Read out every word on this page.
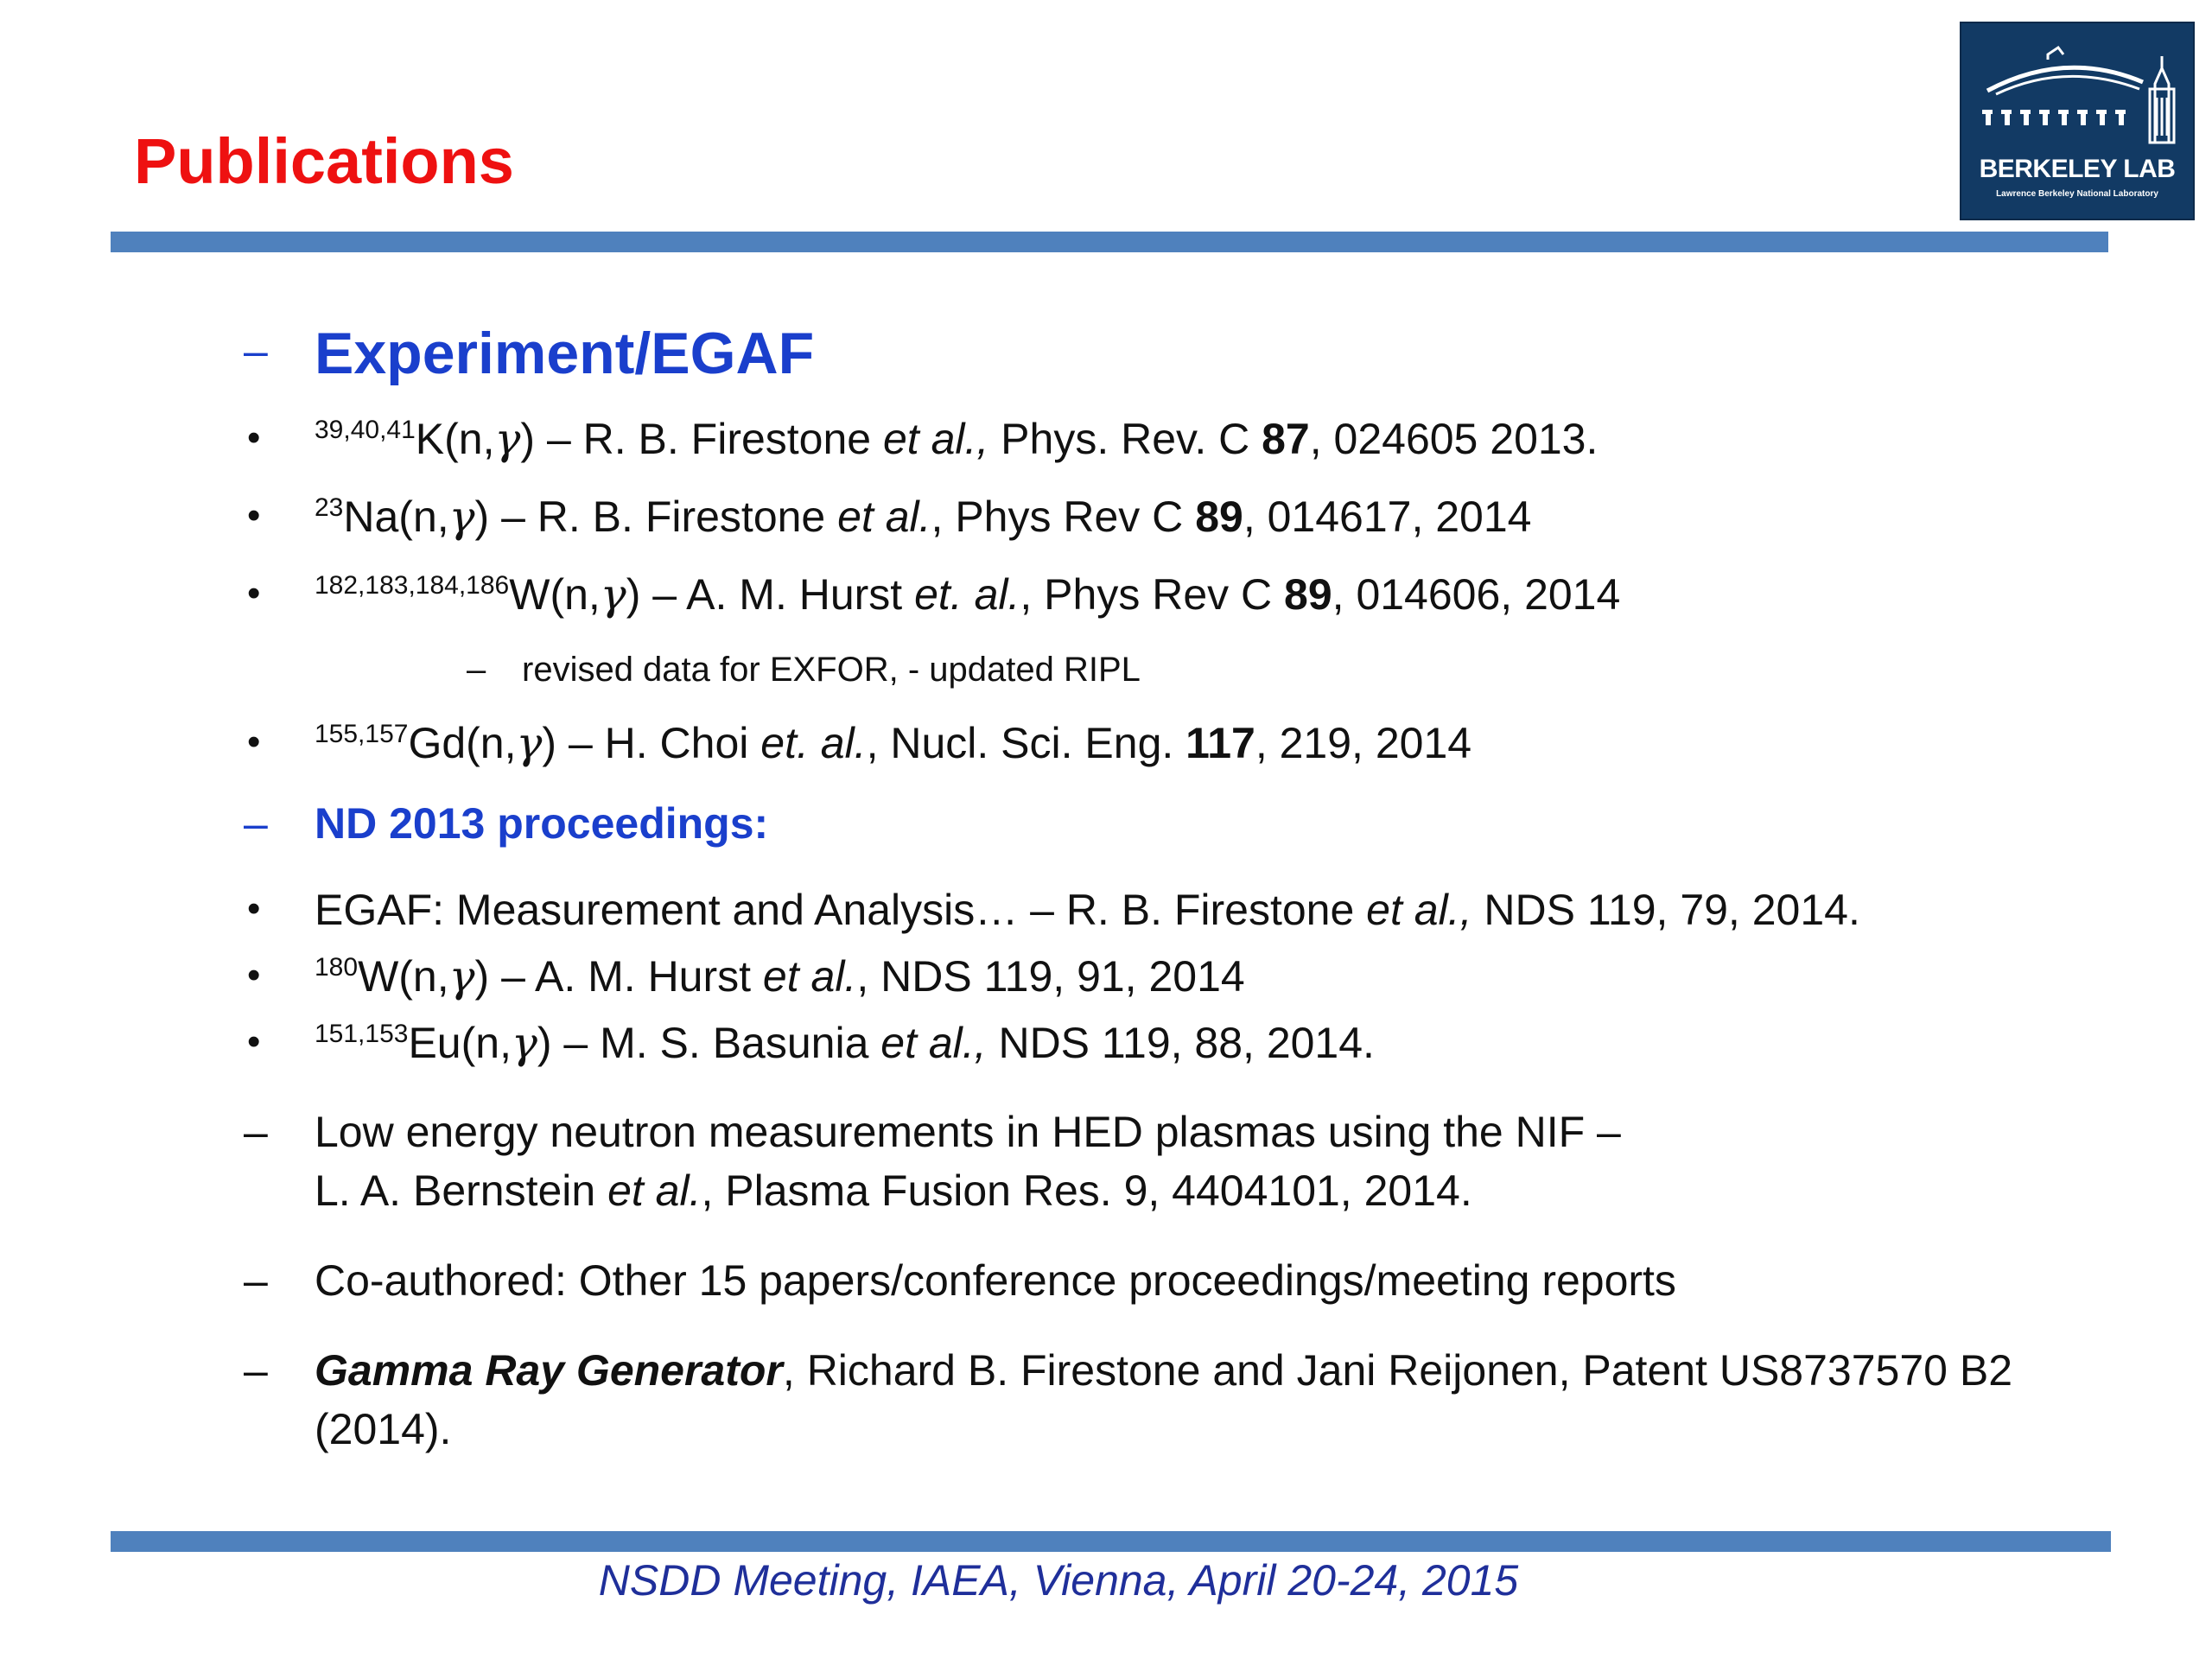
Publications	BERKELEY LAB
Lawrence Berkeley National Laboratory
– Experiment/EGAF
• $^{39,40,41}$K(n,γ) – R. B. Firestone et al., Phys. Rev. C 87, 024605 2013.
• $^{23}$Na(n,γ) – R. B. Firestone et al., Phys Rev C 89, 014617, 2014
• $^{182,183,184,186}$W(n,γ) – A. M. Hurst et. al., Phys Rev C 89, 014606, 2014
– revised data for EXFOR, - updated RIPL
• $^{155,157}$Gd(n,γ) – H. Choi et. al., Nucl. Sci. Eng. 117, 219, 2014
– ND 2013 proceedings:
• EGAF: Measurement and Analysis… – R. B. Firestone et al., NDS 119, 79, 2014.
• $^{180}$W(n,γ) – A. M. Hurst et al., NDS 119, 91, 2014
• $^{151,153}$Eu(n,γ) – M. S. Basunia et al., NDS 119, 88, 2014.
– Low energy neutron measurements in HED plasmas using the NIF –
L. A. Bernstein et al., Plasma Fusion Res. 9, 4404101, 2014.
– Co-authored: Other 15 papers/conference proceedings/meeting reports
– Gamma Ray Generator, Richard B. Firestone and Jani Reijonen, Patent US8737570 B2
(2014).
NSDD Meeting, IAEA, Vienna, April 20-24, 2015
